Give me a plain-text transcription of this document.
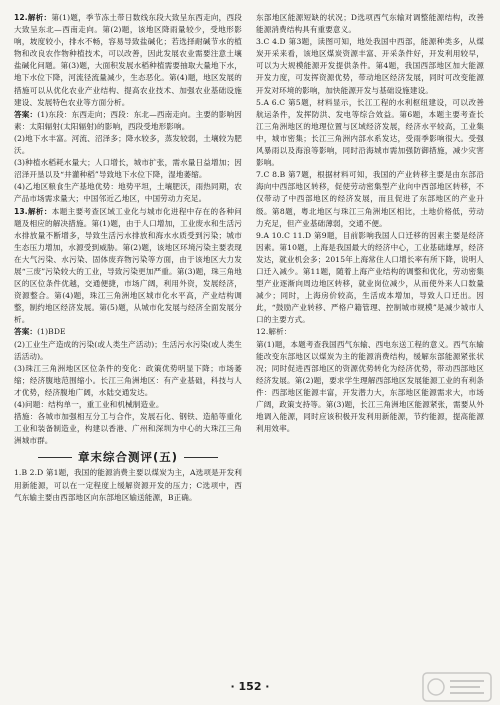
12.解析：第(1)题，季节冻土带日数线东段大致呈东西走向，西段大致呈东北—西南走向。第(2)题，该地区降雨量较少，受地形影响，坡度较小，排水不畅，容易导致盐碱化；若选择耐碱节水的植物和改良农作物种植技术，可以改善，因此发展农业需要注意土壤盐碱化问题。第(3)题，大面积发展水稻种植需要抽取大量地下水，地下水位下降，河流径流量减少，生态恶化。第(4)题，地区发展的措施可以从优化农业产业结构、提高农业技术、加强农业基础设施建设、发展特色农业等方面分析。

答案：(1)东段：东西走向；西段：东北—西南走向。主要的影响因素：太阳辐射(太阳辐射)的影响，西段受地形影响。

(2)地下水丰富。河流、沼泽多；降水较多，蒸发较弱，土壤较为肥沃。

(3)种植水稻耗水量大；人口增长，城市扩张，需水量日益增加；因沼泽开垦以及“井灌种稻”导致地下水位下降，湿地萎缩。

(4)乙地区粮食生产基地优势：地势平坦，土壤肥沃，雨热同期，农产品市场需求量大；中国邻近乙地区，中国劳动力充足。

13.解析：本题主要考查区域工业化与城市化进程中存在的各种问题及相应的解决措施。第(1)题，由于人口增加，工业废水和生活污水排放量不断增多，导致生活污水排放和海水水质受到污染；城市生态压力增加，水源受到威胁。第(2)题，该地区环境污染主要表现在大气污染、水污染、固体废弃物污染等方面，由于该地区大力发展“三废”污染较大的工业，导致污染更加严重。第(3)题，珠三角地区的区位条件优越，交通便捷，市场广阔，利用外资，发展经济，资源整合。第(4)题，珠江三角洲地区城市化水平高，产业结构调整，制约地区经济发展。第(5)题，从城市化发展与经济全面发展分析。

答案：(1)BDE

(2)工业生产造成的污染(或人类生产活动)；生活污水污染(或人类生活活动)。

(3)珠江三角洲地区区位条件的变化：政策优势明显下降；市场萎缩；经济腹地范围缩小。长江三角洲地区：有产业基础，科技与人才优势，经济腹地广阔，水陆交通发达。

(4)问题：结构单一，重工业和机械制造业。

措施：各城市加强相互分工与合作，发展石化、钢铁、造船等重化工业和装备制造业，构建以香港、广州和深圳为中心的大珠江三角洲城市群。

章末综合测评(五)

1.B 2.D 第1题，我国的能源消费主要以煤炭为主，A选项是开发利用新能源，可以在一定程度上缓解资源开发的压力；C选项中，西气东输主要由西部地区向东部地区输送能源，B正确。

东部地区能源短缺的状况；D选项西气东输对调整能源结构，改善能源消费结构具有重要意义。

3.C 4.D 第3题，读图可知，地处我国中西部，能源种类多，从煤炭开采来看，该地区煤炭资源丰富、开采条件好，开发利用较早，可以为大规模能源开发提供条件。第4题，我国西部地区加大能源开发力度，可发挥资源优势，带动地区经济发展，同时可改变能源开发对环境的影响，加快能源开发与基础设施建设。

5.A 6.C 第5题，材料显示，长江工程的水利枢纽建设，可以改善航运条件，发挥防洪、发电等综合效益。第6题，本题主要考查长江三角洲地区的地理位置与区域经济发展，经济水平较高，工业集中，城市密集；长江三角洲内部水系发达，受雨季影响很大。受强风暴雨以及海浪等影响，同时沿海城市需加强防御措施，减少灾害影响。

7.C 8.B 第7题，根据材料可知，我国的产业转移主要是由东部沿海向中西部地区转移，促使劳动密集型产业向中西部地区转移，不仅带动了中西部地区的经济发展，而且促进了东部地区的产业升级。第8题，粤北地区与珠江三角洲地区相比，土地价格低，劳动力充足，但产业基础薄弱，交通不便。

9.A 10.C 11.D 第9题，目前影响我国人口迁移的因素主要是经济因素。第10题，上海是我国最大的经济中心，工业基础雄厚，经济发达，就业机会多；2015年上海常住人口增长率有所下降，说明人口迁入减少。第11题，随着上海产业结构的调整和优化，劳动密集型产业逐渐向周边地区转移，就业岗位减少，从而使外来人口数量减少；同时，上海房价较高，生活成本增加，导致人口迁出。因此，“鼓励产业转移、严格户籍管理、控制城市规模”是减少城市人口的主要方式。

12.解析：

第(1)题，本题考查我国西气东输、西电东送工程的意义。西气东输能改变东部地区以煤炭为主的能源消费结构，缓解东部能源紧张状况；同时促进西部地区的资源优势转化为经济优势，带动西部地区经济发展。第(2)题，要求学生理解西部地区发展能源工业的有利条件：西部地区能源丰富，开发潜力大，东部地区能源需求大，市场广阔，政策支持等。第(3)题，长江三角洲地区能源紧张，需要从外地调入能源，同时应该积极开发利用新能源，节约能源，提高能源利用效率。

· 152 ·
